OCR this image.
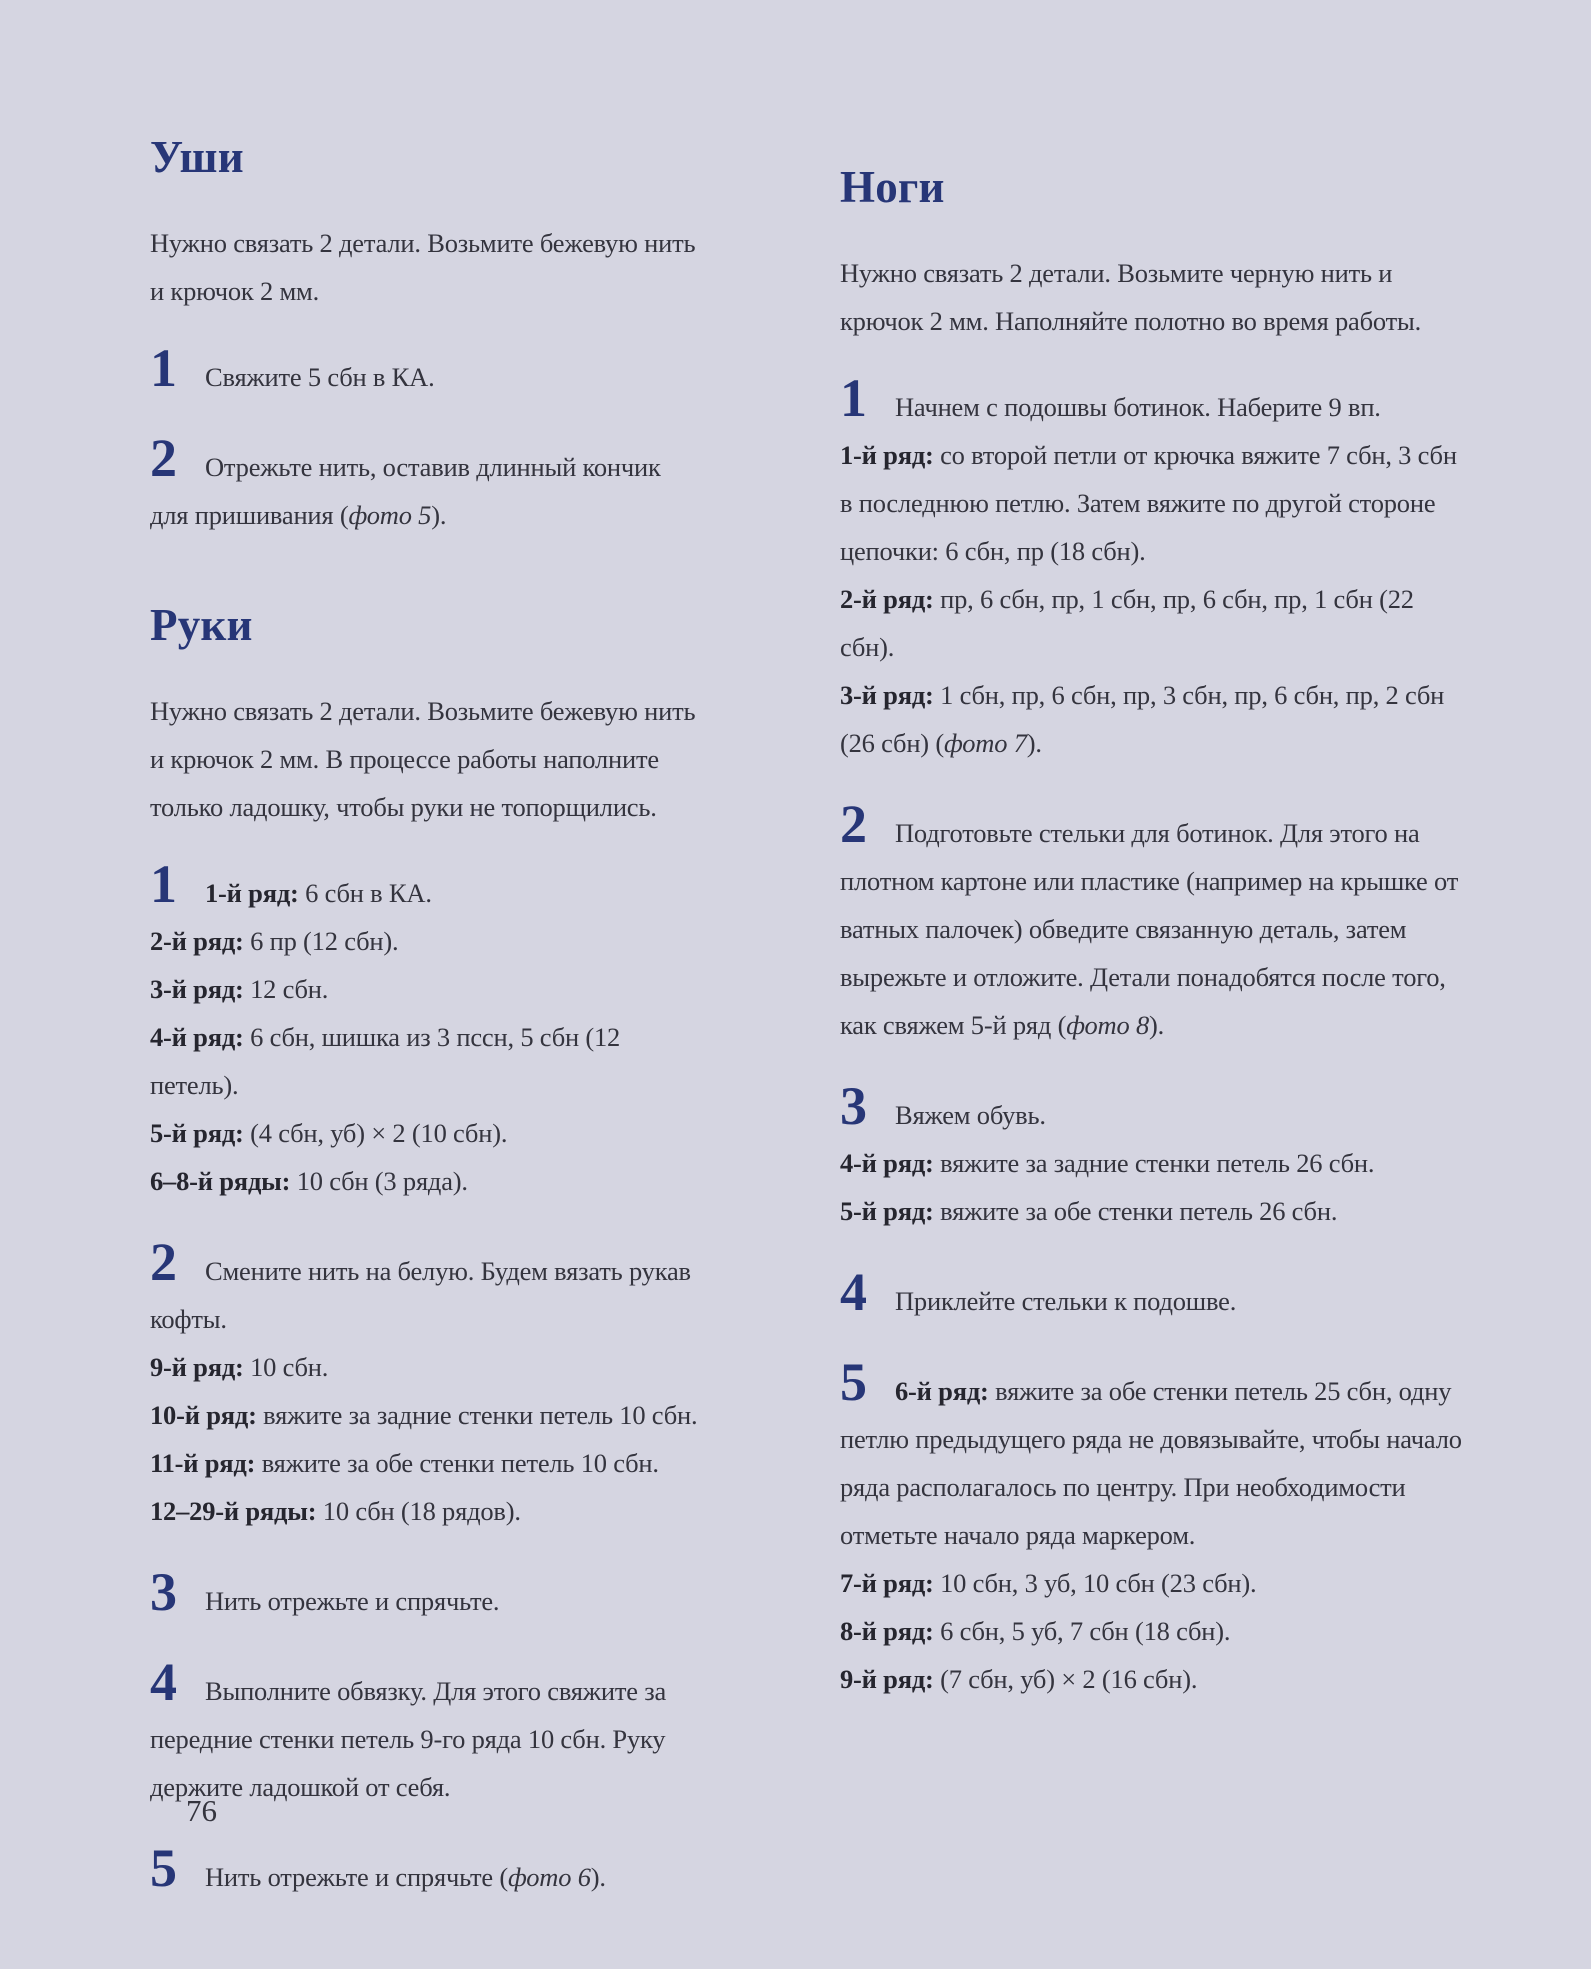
Уши

Нужно связать 2 детали. Возьмите бежевую нить и крючок 2 мм.

1 Свяжите 5 сбн в КА.
2 Отрежьте нить, оставив длинный кончик для пришивания (фото 5).
Руки

Нужно связать 2 детали. Возьмите бежевую нить и крючок 2 мм. В процессе работы наполните только ладошку, чтобы руки не топорщились.

1 1-й ряд: 6 сбн в КА.
2-й ряд: 6 пр (12 сбн).
3-й ряд: 12 сбн.
4-й ряд: 6 сбн, шишка из 3 пссн, 5 сбн (12 петель).
5-й ряд: (4 сбн, уб) × 2 (10 сбн).
6–8-й ряды: 10 сбн (3 ряда).
2 Смените нить на белую. Будем вязать рукав кофты.
9-й ряд: 10 сбн.
10-й ряд: вяжите за задние стенки петель 10 сбн.
11-й ряд: вяжите за обе стенки петель 10 сбн.
12–29-й ряды: 10 сбн (18 рядов).
3 Нить отрежьте и спрячьте.
4 Выполните обвязку. Для этого свяжите за передние стенки петель 9-го ряда 10 сбн. Руку держите ладошкой от себя.
5 Нить отрежьте и спрячьте (фото 6).
Ноги

Нужно связать 2 детали. Возьмите черную нить и крючок 2 мм. Наполняйте полотно во время работы.

1 Начнем с подошвы ботинок. Наберите 9 вп.
1-й ряд: со второй петли от крючка вяжите 7 сбн, 3 сбн в последнюю петлю. Затем вяжите по другой стороне цепочки: 6 сбн, пр (18 сбн).
2-й ряд: пр, 6 сбн, пр, 1 сбн, пр, 6 сбн, пр, 1 сбн (22 сбн).
3-й ряд: 1 сбн, пр, 6 сбн, пр, 3 сбн, пр, 6 сбн, пр, 2 сбн (26 сбн) (фото 7).
2 Подготовьте стельки для ботинок. Для этого на плотном картоне или пластике (например на крышке от ватных палочек) обведите связанную деталь, затем вырежьте и отложите. Детали понадобятся после того, как свяжем 5-й ряд (фото 8).
3 Вяжем обувь.
4-й ряд: вяжите за задние стенки петель 26 сбн.
5-й ряд: вяжите за обе стенки петель 26 сбн.
4 Приклейте стельки к подошве.
5 6-й ряд: вяжите за обе стенки петель 25 сбн, одну петлю предыдущего ряда не довязывайте, чтобы начало ряда располагалось по центру. При необходимости отметьте начало ряда маркером.
7-й ряд: 10 сбн, 3 уб, 10 сбн (23 сбн).
8-й ряд: 6 сбн, 5 уб, 7 сбн (18 сбн).
9-й ряд: (7 сбн, уб) × 2 (16 сбн).
76
